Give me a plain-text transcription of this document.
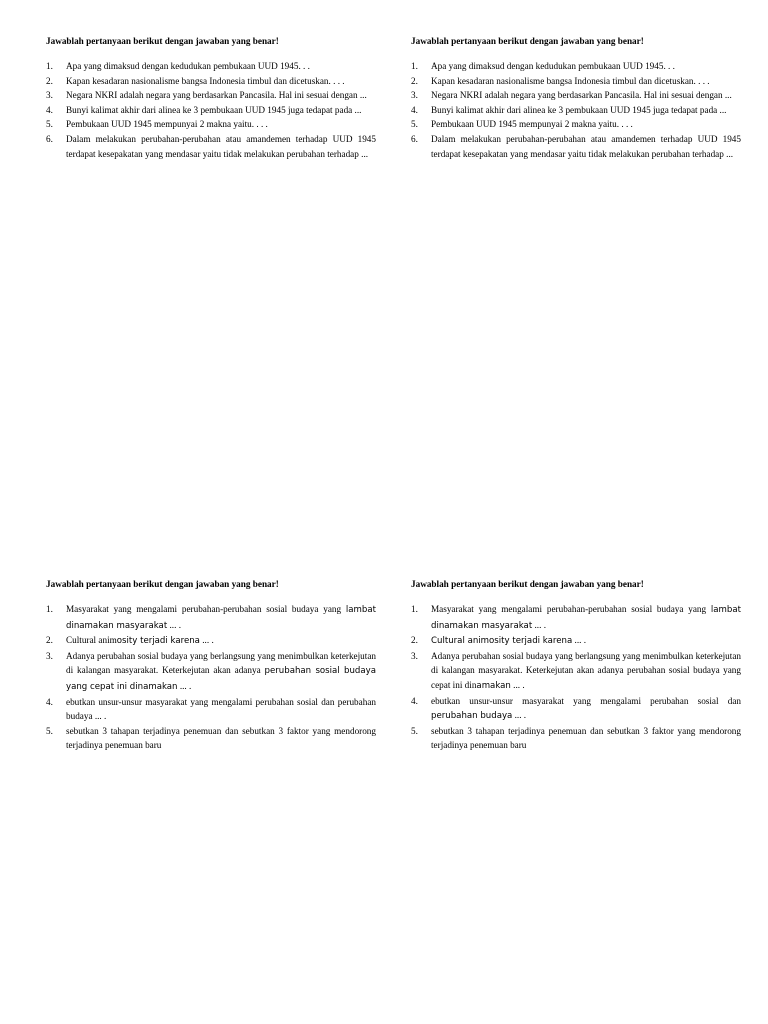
Jawablah pertanyaan berikut dengan jawaban yang benar!
1. Apa yang dimaksud dengan kedudukan pembukaan UUD 1945. . .
2. Kapan kesadaran nasionalisme bangsa Indonesia timbul dan dicetuskan. . . .
3. Negara NKRI adalah negara yang berdasarkan Pancasila. Hal ini sesuai dengan ...
4. Bunyi kalimat akhir dari alinea ke 3 pembukaan UUD 1945 juga tedapat pada ...
5. Pembukaan UUD 1945 mempunyai 2 makna yaitu. . . .
6. Dalam melakukan perubahan-perubahan atau amandemen terhadap UUD 1945 terdapat kesepakatan yang mendasar yaitu tidak melakukan perubahan terhadap ...
Jawablah pertanyaan berikut dengan jawaban yang benar!
1. Apa yang dimaksud dengan kedudukan pembukaan UUD 1945. . .
2. Kapan kesadaran nasionalisme bangsa Indonesia timbul dan dicetuskan. . . .
3. Negara NKRI adalah negara yang berdasarkan Pancasila. Hal ini sesuai dengan ...
4. Bunyi kalimat akhir dari alinea ke 3 pembukaan UUD 1945 juga tedapat pada ...
5. Pembukaan UUD 1945 mempunyai 2 makna yaitu. . . .
6. Dalam melakukan perubahan-perubahan atau amandemen terhadap UUD 1945 terdapat kesepakatan yang mendasar yaitu tidak melakukan perubahan terhadap ...
Jawablah pertanyaan berikut dengan jawaban yang benar!
1. Masyarakat yang mengalami perubahan-perubahan sosial budaya yang lambat dinamakan masyarakat ... .
2. Cultural animosity terjadi karena ... .
3. Adanya perubahan sosial budaya yang berlangsung yang menimbulkan keterkejutan di kalangan masyarakat. Keterkejutan akan adanya perubahan sosial budaya yang cepat ini dinamakan ... .
4. ebutkan unsur-unsur masyarakat yang mengalami perubahan sosial dan perubahan budaya ... .
5. sebutkan 3 tahapan terjadinya penemuan dan sebutkan 3 faktor yang mendorong terjadinya penemuan baru
Jawablah pertanyaan berikut dengan jawaban yang benar!
1. Masyarakat yang mengalami perubahan-perubahan sosial budaya yang lambat dinamakan masyarakat ... .
2. Cultural animosity terjadi karena ... .
3. Adanya perubahan sosial budaya yang berlangsung yang menimbulkan keterkejutan di kalangan masyarakat. Keterkejutan akan adanya perubahan sosial budaya yang cepat ini dinamakan ... .
4. ebutkan unsur-unsur masyarakat yang mengalami perubahan sosial dan perubahan budaya ... .
5. sebutkan 3 tahapan terjadinya penemuan dan sebutkan 3 faktor yang mendorong terjadinya penemuan baru
